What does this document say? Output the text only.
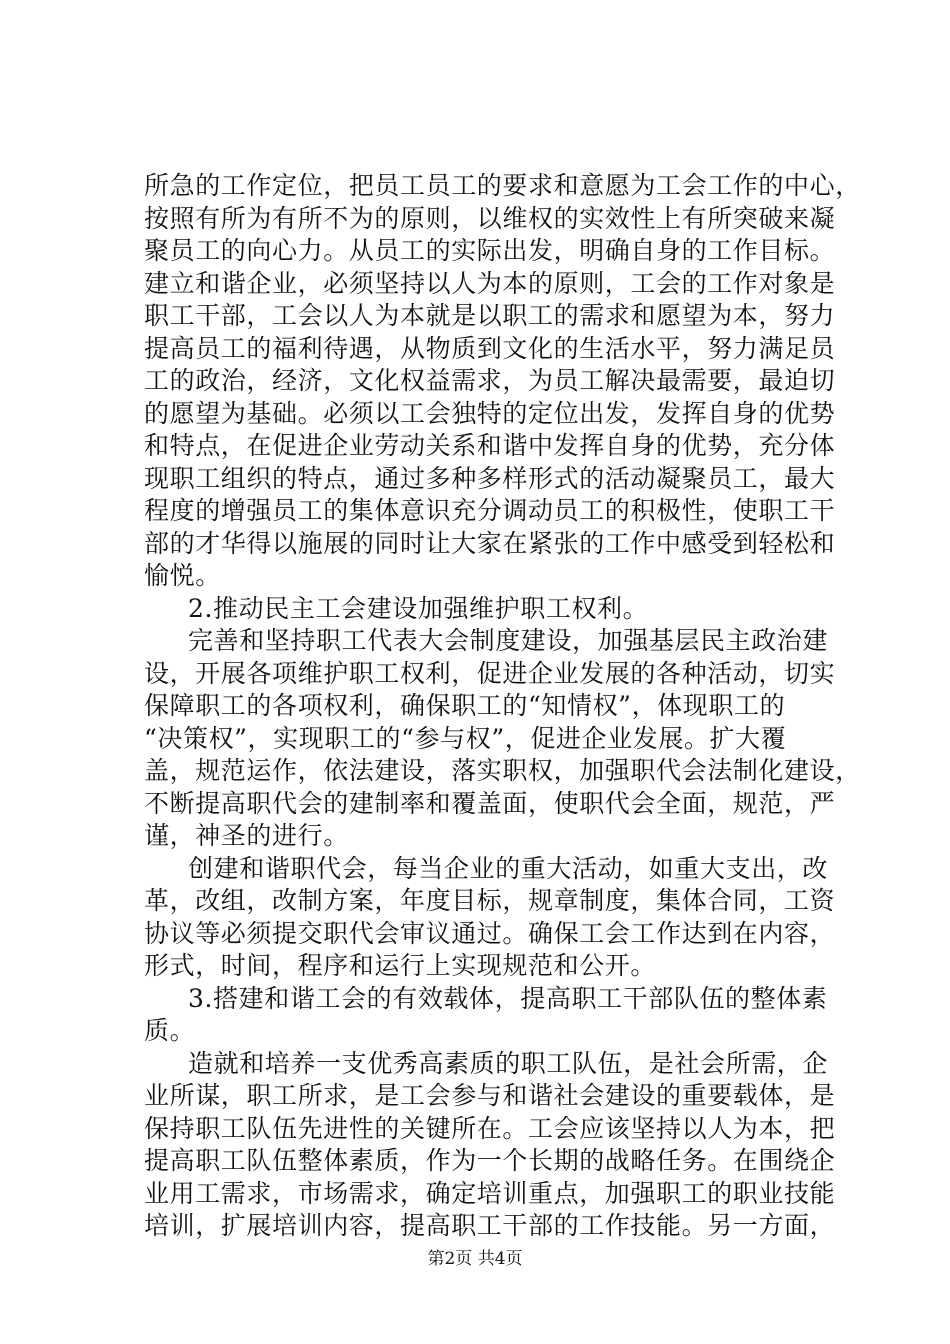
所急的工作定位，把员工员工的要求和意愿为工会工作的中心，
按照有所为有所不为的原则，以维权的实效性上有所突破来凝
聚员工的向心力。从员工的实际出发，明确自身的工作目标。
建立和谐企业，必须坚持以人为本的原则，工会的工作对象是
职工干部，工会以人为本就是以职工的需求和愿望为本，努力
提高员工的福利待遇，从物质到文化的生活水平，努力满足员
工的政治，经济，文化权益需求，为员工解决最需要，最迫切
的愿望为基础。必须以工会独特的定位出发，发挥自身的优势
和特点，在促进企业劳动关系和谐中发挥自身的优势，充分体
现职工组织的特点，通过多种多样形式的活动凝聚员工，最大
程度的增强员工的集体意识充分调动员工的积极性，使职工干
部的才华得以施展的同时让大家在紧张的工作中感受到轻松和
愉悦。
2.推动民主工会建设加强维护职工权利。
完善和坚持职工代表大会制度建设，加强基层民主政治建
设，开展各项维护职工权利，促进企业发展的各种活动，切实
保障职工的各项权利，确保职工的“知情权”，体现职工的
“决策权”，实现职工的“参与权”，促进企业发展。扩大覆
盖，规范运作，依法建设，落实职权，加强职代会法制化建设，
不断提高职代会的建制率和覆盖面，使职代会全面，规范，严
谨，神圣的进行。
创建和谐职代会，每当企业的重大活动，如重大支出，改
革，改组，改制方案，年度目标，规章制度，集体合同，工资
协议等必须提交职代会审议通过。确保工会工作达到在内容，
形式，时间，程序和运行上实现规范和公开。
3.搭建和谐工会的有效载体，提高职工干部队伍的整体素
质。
造就和培养一支优秀高素质的职工队伍，是社会所需，企
业所谋，职工所求，是工会参与和谐社会建设的重要载体，是
保持职工队伍先进性的关键所在。工会应该坚持以人为本，把
提高职工队伍整体素质，作为一个长期的战略任务。在围绕企
业用工需求，市场需求，确定培训重点，加强职工的职业技能
培训，扩展培训内容，提高职工干部的工作技能。另一方面，
第2页 共4页
